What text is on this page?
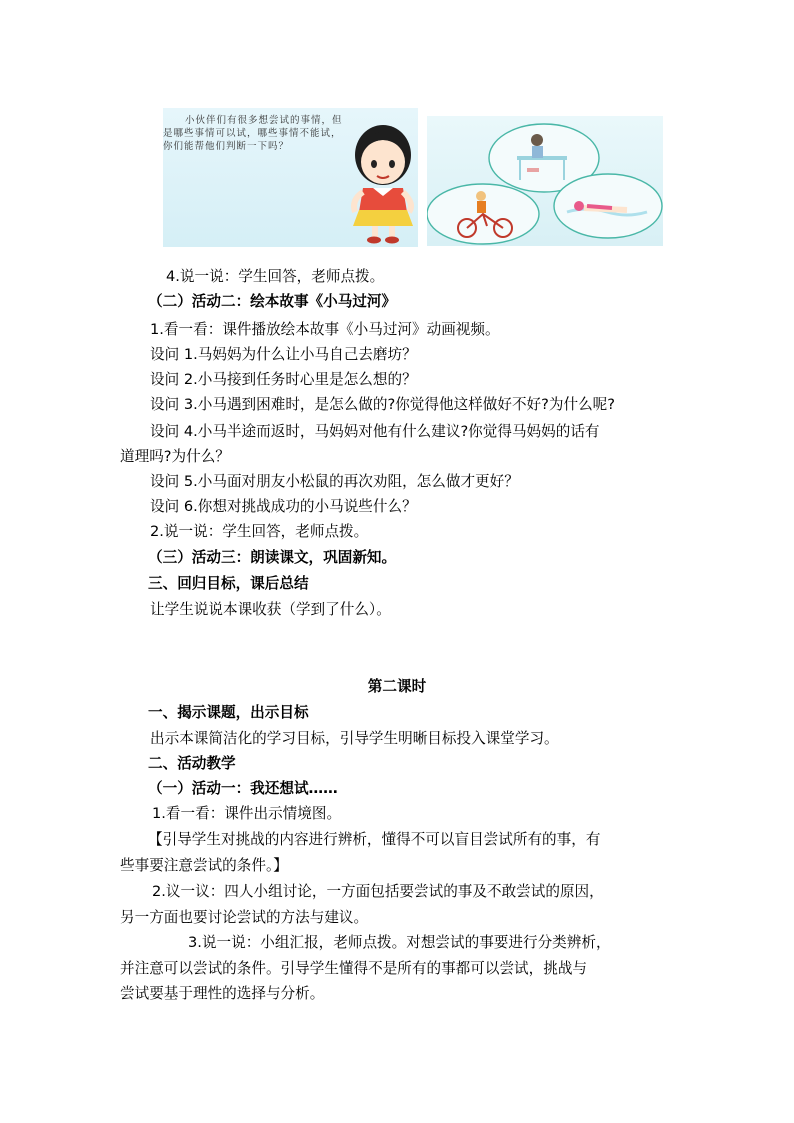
小伙伴们有很多想尝试的事情，但是哪些事情可以试，哪些事情不能试，你们能帮他们判断一下吗？
4.说一说：学生回答，老师点拨。
（二）活动二：绘本故事《小马过河》
1.看一看：课件播放绘本故事《小马过河》动画视频。
设问 1.马妈妈为什么让小马自己去磨坊？
设问 2.小马接到任务时心里是怎么想的？
设问 3.小马遇到困难时，是怎么做的?你觉得他这样做好不好?为什么呢?
设问 4.小马半途而返时，马妈妈对他有什么建议?你觉得马妈妈的话有
道理吗?为什么？
设问 5.小马面对朋友小松鼠的再次劝阻，怎么做才更好？
设问 6.你想对挑战成功的小马说些什么？
2.说一说：学生回答，老师点拨。
（三）活动三：朗读课文，巩固新知。
三、回归目标，课后总结
让学生说说本课收获（学到了什么）。
第二课时
一、揭示课题，出示目标
出示本课简洁化的学习目标，引导学生明晰目标投入课堂学习。
二、活动教学
（一）活动一：我还想试……
1.看一看：课件出示情境图。
【引导学生对挑战的内容进行辨析，懂得不可以盲目尝试所有的事，有
些事要注意尝试的条件。】
2.议一议：四人小组讨论，一方面包括要尝试的事及不敢尝试的原因，
另一方面也要讨论尝试的方法与建议。
3.说一说：小组汇报，老师点拨。对想尝试的事要进行分类辨析，
并注意可以尝试的条件。引导学生懂得不是所有的事都可以尝试，挑战与
尝试要基于理性的选择与分析。
